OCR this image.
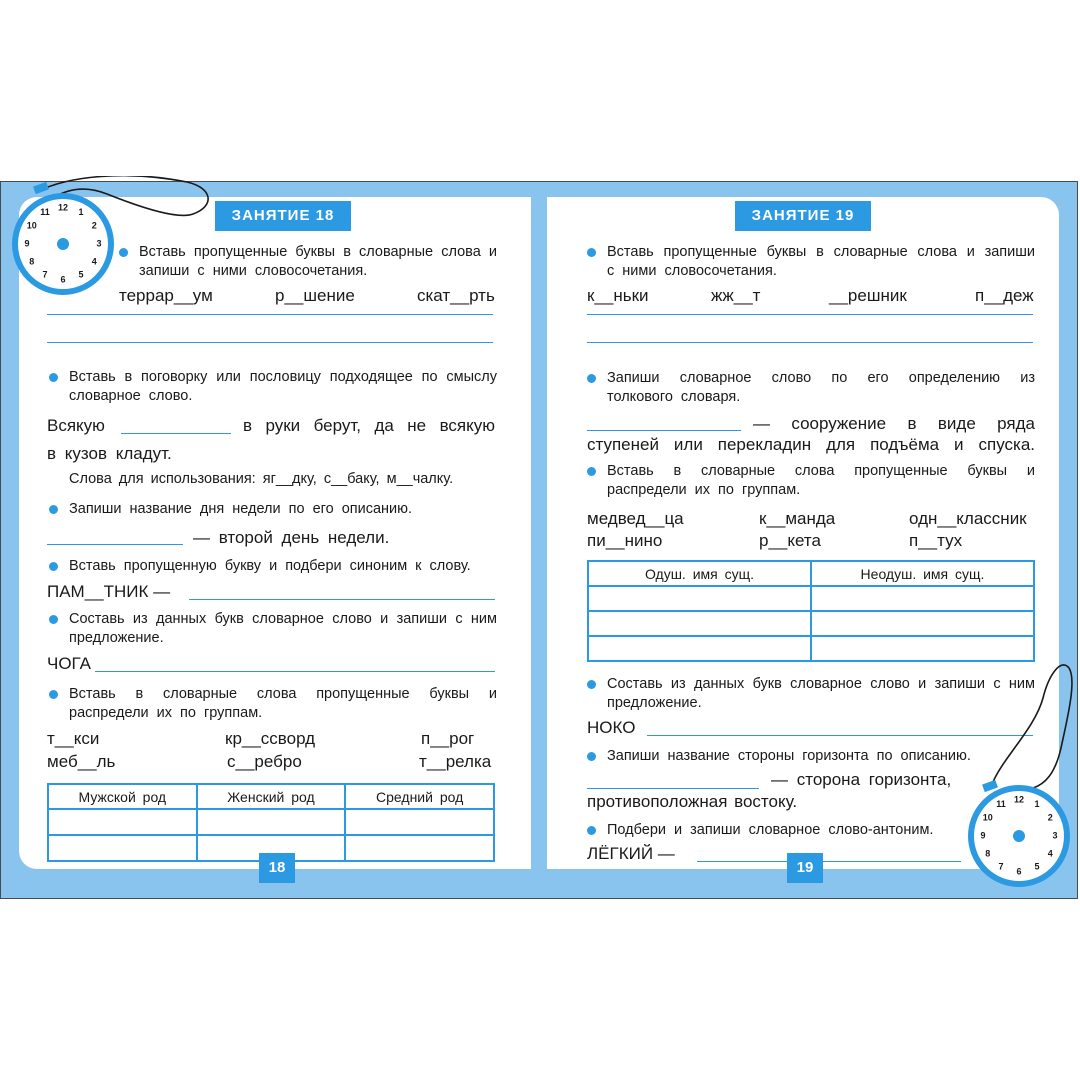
ЗАНЯТИЕ 18
Вставь пропущенные буквы в словарные слова и запиши с ними словосочетания.
террар__ум	р__шение	скат__рть
Вставь в поговорку или пословицу подходящее по смыслу словарное слово.
Всякую	в руки берут, да не всякую
в кузов кладут.
Слова для использования: яг__дку, с__баку, м__чалку.
Запиши название дня недели по его описанию.
— второй день недели.
Вставь пропущенную букву и подбери синоним к слову.
ПАМ__ТНИК —
Составь из данных букв словарное слово и запиши с ним предложение.
ЧОГА
Вставь в словарные слова пропущенные буквы и распредели их по группам.
т__кси	кр__ссворд	п__рог
меб__ль	с__ребро	т__релка
Мужской род	Женский род	Средний род

18
ЗАНЯТИЕ 19
Вставь пропущенные буквы в словарные слова и запиши с ними словосочетания.
к__ньки	жж__т	__решник	п__деж
Запиши словарное слово по его определению из толкового словаря.
— сооружение в виде ряда
ступеней или перекладин для подъёма и спуска.
Вставь в словарные слова пропущенные буквы и распредели их по группам.
медвед__ца	к__манда	одн__классник
пи__нино	р__кета	п__тух
Одуш. имя сущ.	Неодуш. имя сущ.

Составь из данных букв словарное слово и запиши с ним предложение.
НОКО
Запиши название стороны горизонта по описанию.
— сторона горизонта,
противоположная востоку.
Подбери и запиши словарное слово-антоним.
ЛЁГКИЙ —
19
12 1
2
3
4
5
6
7
8
9
10
11
12 1
2
3
4
5
6
7
8
9
10
11
